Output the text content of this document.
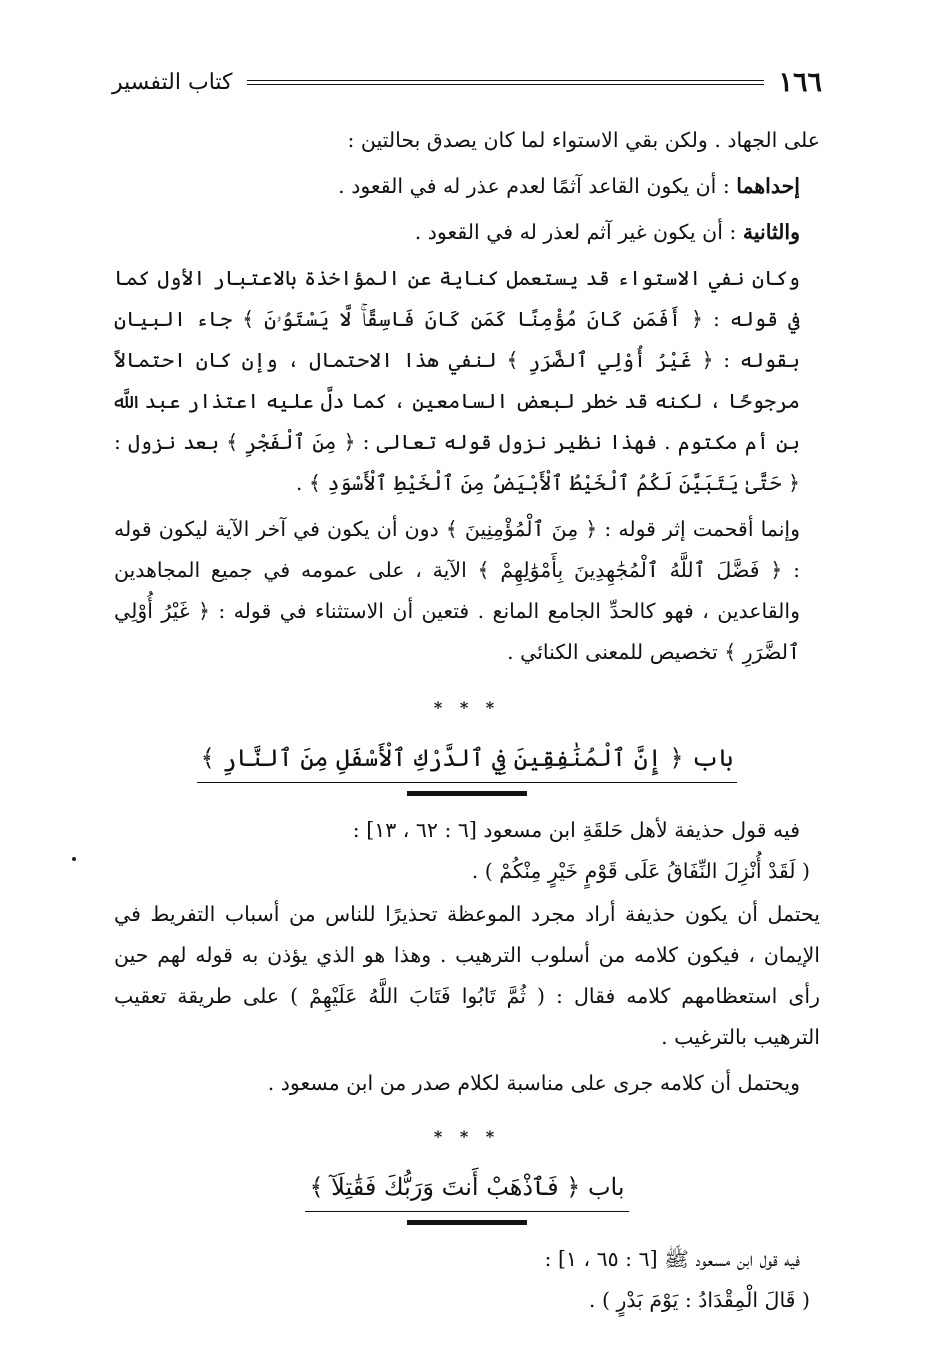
١٦٦
كتاب التفسير

على الجهاد . ولكن بقي الاستواء لما كان يصدق بحالتين :

إحداهما : أن يكون القاعد آثمًا لعدم عذر له في القعود .

والثانية : أن يكون غير آثم لعذر له في القعود .

وكان نفي الاستواء قد يستعمل كناية عن المؤاخذة بالاعتبار الأول كما في قوله : ﴿ أَفَمَن كَانَ مُؤْمِنًا كَمَن كَانَ فَاسِقًاۚ لَّا يَسْتَوُۥنَ ﴾ جاء البيان بقوله : ﴿ غَيْرُ أُوْلِي ٱلضَّرَرِ ﴾ لنفي هذا الاحتمال ، وإن كان احتمالاً مرجوحًا ، لكنه قد خطر لبعض السامعين ، كما دلَّ عليه اعتذار عبد اللَّه بن أم مكتوم . فهذا نظير نزول قوله تعالى : ﴿ مِنَ ٱلْفَجْرِ ﴾ بعد نزول : ﴿ حَتَّىٰ يَتَبَيَّنَ لَكُمُ ٱلْخَيْطُ ٱلْأَبْيَضُ مِنَ ٱلْخَيْطِ ٱلْأَسْوَدِ ﴾ .

وإنما أقحمت إثر قوله : ﴿ مِنَ ٱلْمُؤْمِنِينَ ﴾ دون أن يكون في آخر الآية ليكون قوله : ﴿ فَضَّلَ ٱللَّهُ ٱلْمُجَٰهِدِينَ بِأَمْوَٰلِهِمْ ﴾ الآية ، على عمومه في جميع المجاهدين والقاعدين ، فهو كالحدِّ الجامع المانع . فتعين أن الاستثناء في قوله : ﴿ غَيْرُ أُوْلِي ٱلضَّرَرِ ﴾ تخصيص للمعنى الكنائي .

* * *
باب ﴿ إِنَّ ٱلْمُنَٰفِقِينَ فِي ٱلدَّرْكِ ٱلْأَسْفَلِ مِنَ ٱلنَّارِ ﴾

فيه قول حذيفة لأهل حَلقَةِ ابن مسعود [٦ : ٦٢ ، ١٣] :

( لَقَدْ أُنْزِلَ النِّفَاقُ عَلَى قَوْمٍ خَيْرٍ مِنْكُمْ ) .

يحتمل أن يكون حذيفة أراد مجرد الموعظة تحذيرًا للناس من أسباب التفريط في الإيمان ، فيكون كلامه من أسلوب الترهيب . وهذا هو الذي يؤذن به قوله لهم حين رأى استعظامهم كلامه فقال : ( ثُمَّ تَابُوا فَتَابَ اللَّهُ عَلَيْهِمْ ) على طريقة تعقيب الترهيب بالترغيب .

ويحتمل أن كلامه جرى على مناسبة لكلام صدر من ابن مسعود .

* * *
باب ﴿ فَٱذْهَبْ أَنتَ وَرَبُّكَ فَقَٰتِلَآ ﴾

فيه قول ابن مسعود ﷺ [٦ : ٦٥ ، ١] :

( قَالَ الْمِقْدَادُ : يَوْمَ بَدْرٍ ) .
